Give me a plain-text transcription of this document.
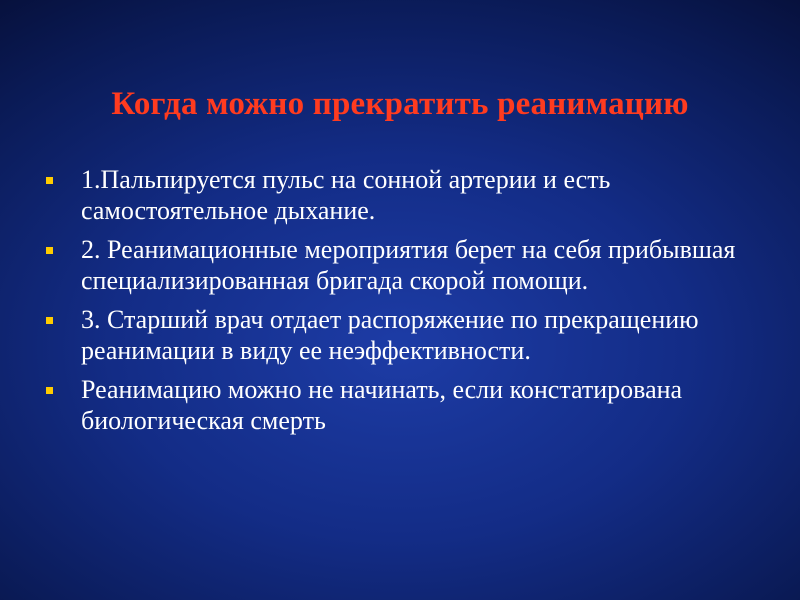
Когда можно прекратить реанимацию
1.Пальпируется пульс на сонной артерии и есть самостоятельное дыхание.
2. Реанимационные мероприятия берет на себя прибывшая специализированная бригада скорой помощи.
3. Старший врач отдает распоряжение по прекращению реанимации в виду ее неэффективности.
Реанимацию можно не начинать, если констатирована биологическая смерть
